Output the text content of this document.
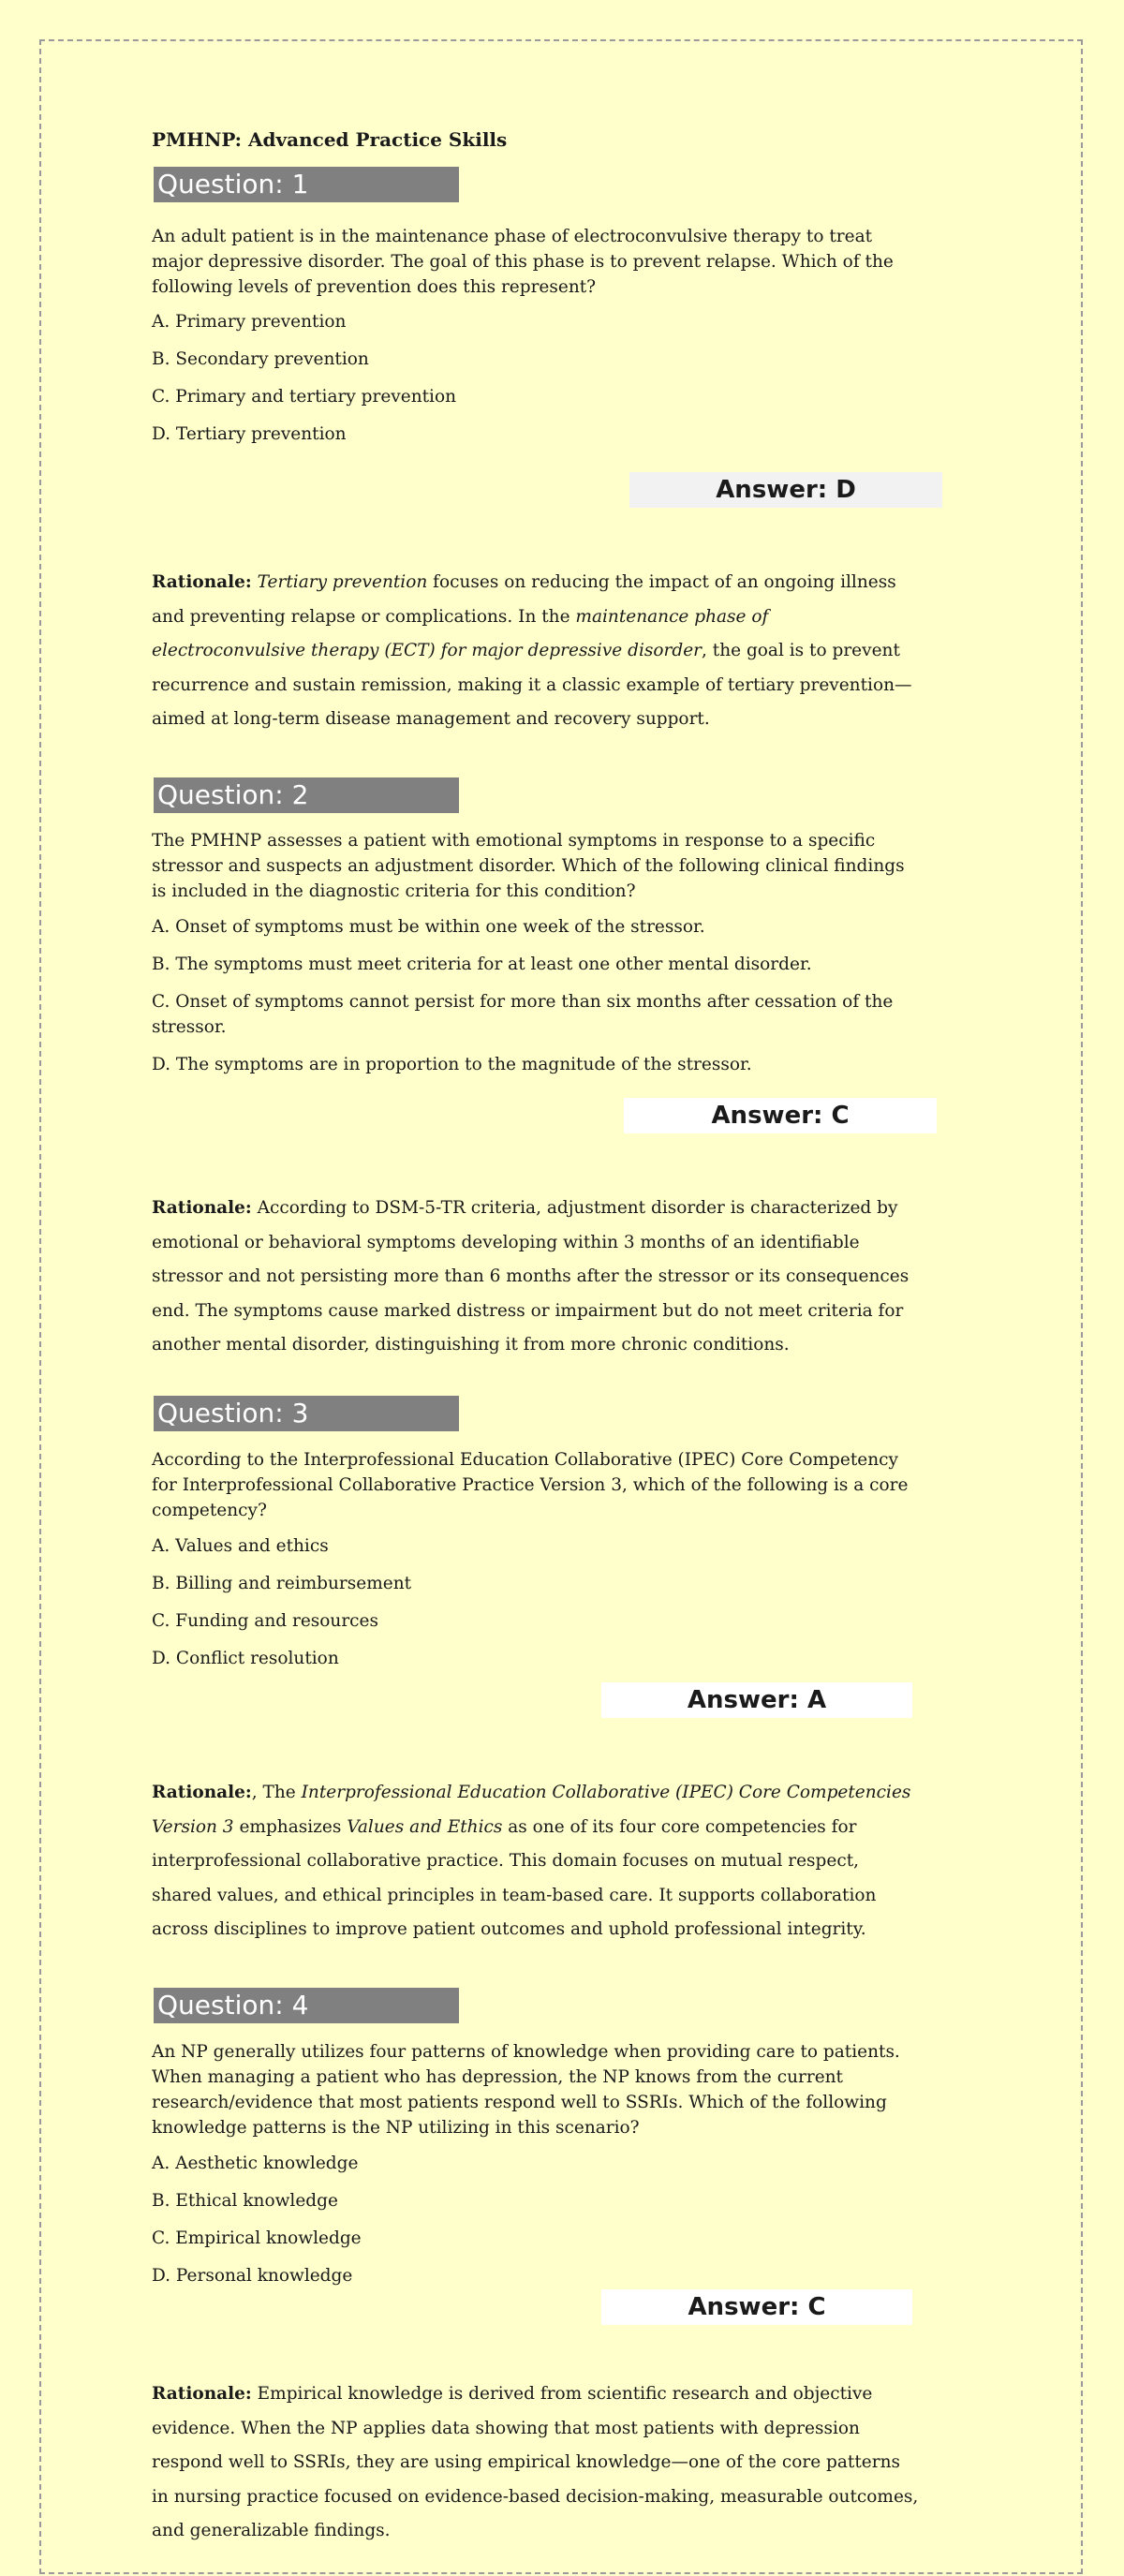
PMHNP: Advanced Practice Skills
Question: 1
An adult patient is in the maintenance phase of electroconvulsive therapy to treat major depressive disorder. The goal of this phase is to prevent relapse. Which of the following levels of prevention does this represent?
A. Primary prevention
B. Secondary prevention
C. Primary and tertiary prevention
D. Tertiary prevention
Answer: D
Rationale: Tertiary prevention focuses on reducing the impact of an ongoing illness and preventing relapse or complications. In the maintenance phase of electroconvulsive therapy (ECT) for major depressive disorder, the goal is to prevent recurrence and sustain remission, making it a classic example of tertiary prevention—aimed at long-term disease management and recovery support.
Question: 2
The PMHNP assesses a patient with emotional symptoms in response to a specific stressor and suspects an adjustment disorder. Which of the following clinical findings is included in the diagnostic criteria for this condition?
A. Onset of symptoms must be within one week of the stressor.
B. The symptoms must meet criteria for at least one other mental disorder.
C. Onset of symptoms cannot persist for more than six months after cessation of the stressor.
D. The symptoms are in proportion to the magnitude of the stressor.
Answer: C
Rationale: According to DSM-5-TR criteria, adjustment disorder is characterized by emotional or behavioral symptoms developing within 3 months of an identifiable stressor and not persisting more than 6 months after the stressor or its consequences end. The symptoms cause marked distress or impairment but do not meet criteria for another mental disorder, distinguishing it from more chronic conditions.
Question: 3
According to the Interprofessional Education Collaborative (IPEC) Core Competency for Interprofessional Collaborative Practice Version 3, which of the following is a core competency?
A. Values and ethics
B. Billing and reimbursement
C. Funding and resources
D. Conflict resolution
Answer: A
Rationale:, The Interprofessional Education Collaborative (IPEC) Core Competencies Version 3 emphasizes Values and Ethics as one of its four core competencies for interprofessional collaborative practice. This domain focuses on mutual respect, shared values, and ethical principles in team-based care. It supports collaboration across disciplines to improve patient outcomes and uphold professional integrity.
Question: 4
An NP generally utilizes four patterns of knowledge when providing care to patients. When managing a patient who has depression, the NP knows from the current research/evidence that most patients respond well to SSRIs. Which of the following knowledge patterns is the NP utilizing in this scenario?
A. Aesthetic knowledge
B. Ethical knowledge
C. Empirical knowledge
D. Personal knowledge
Answer: C
Rationale: Empirical knowledge is derived from scientific research and objective evidence. When the NP applies data showing that most patients with depression respond well to SSRIs, they are using empirical knowledge—one of the core patterns in nursing practice focused on evidence-based decision-making, measurable outcomes, and generalizable findings.
